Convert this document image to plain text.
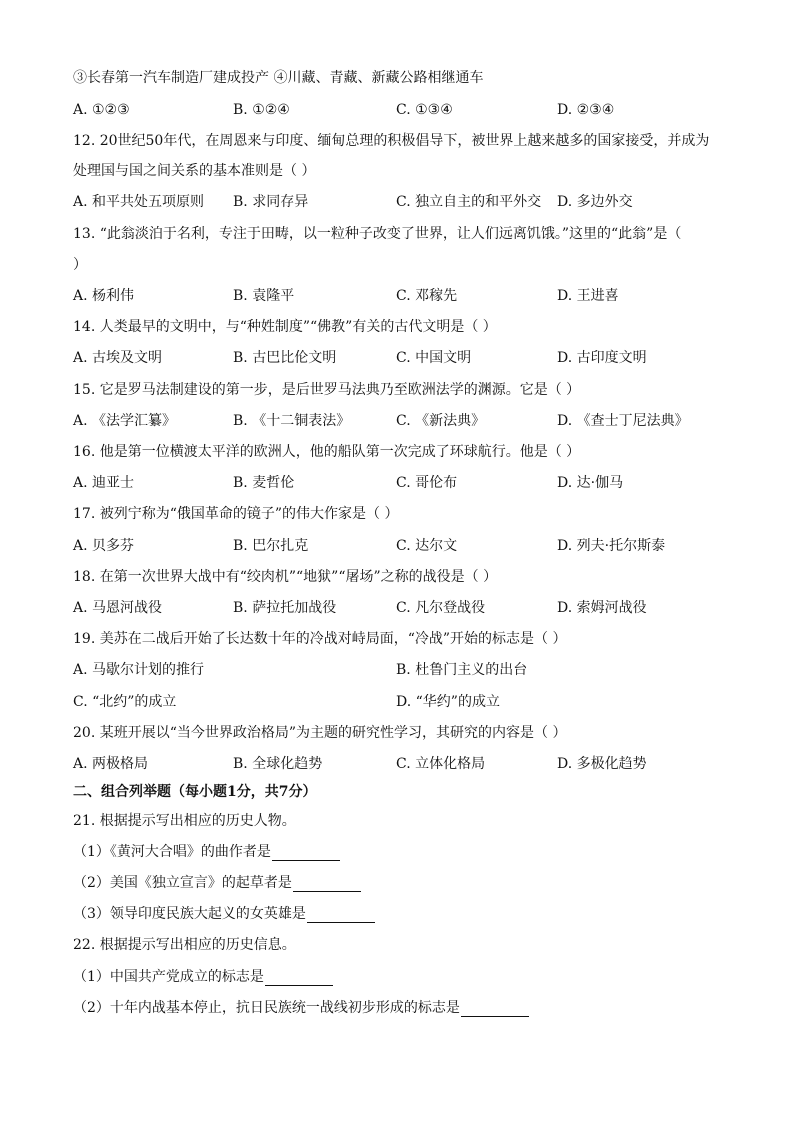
③长春第一汽车制造厂建成投产 ④川藏、青藏、新藏公路相继通车
A. ①②③	B. ①②④	C. ①③④	D. ②③④
12. 20世纪50年代，在周恩来与印度、缅甸总理的积极倡导下，被世界上越来越多的国家接受，并成为
处理国与国之间关系的基本准则是（ ）
A. 和平共处五项原则 B. 求同存异	C. 独立自主的和平外交 D. 多边外交
13. “此翁淡泊于名利，专注于田畴，以一粒种子改变了世界，让人们远离饥饿。”这里的“此翁”是（
）
A. 杨利伟	B. 袁隆平	C. 邓稼先	D. 王进喜
14. 人类最早的文明中，与“种姓制度”“佛教”有关的古代文明是（ ）
A. 古埃及文明	B. 古巴比伦文明	C. 中国文明	D. 古印度文明
15. 它是罗马法制建设的第一步，是后世罗马法典乃至欧洲法学的渊源。它是（ ）
A. 《法学汇纂》	B. 《十二铜表法》	C. 《新法典》	D. 《查士丁尼法典》
16. 他是第一位横渡太平洋的欧洲人，他的船队第一次完成了环球航行。他是（ ）
A. 迪亚士	B. 麦哲伦	C. 哥伦布	D. 达·伽马
17. 被列宁称为“俄国革命的镜子”的伟大作家是（ ）
A. 贝多芬	B. 巴尔扎克	C. 达尔文	D. 列夫·托尔斯泰
18. 在第一次世界大战中有“绞肉机”“地狱”“屠场”之称的战役是（ ）
A. 马恩河战役	B. 萨拉托加战役	C. 凡尔登战役	D. 索姆河战役
19. 美苏在二战后开始了长达数十年的冷战对峙局面，“冷战”开始的标志是（ ）
A. 马歇尔计划的推行	B. 杜鲁门主义的出台
C. “北约”的成立	D. “华约”的成立
20. 某班开展以“当今世界政治格局”为主题的研究性学习，其研究的内容是（ ）
A. 两极格局	B. 全球化趋势	C. 立体化格局	D. 多极化趋势
二、组合列举题（每小题1分，共7分）
21. 根据提示写出相应的历史人物。
（1）《黄河大合唱》的曲作者是
（2）美国《独立宣言》的起草者是
（3）领导印度民族大起义的女英雄是
22. 根据提示写出相应的历史信息。
（1）中国共产党成立的标志是
（2）十年内战基本停止，抗日民族统一战线初步形成的标志是
